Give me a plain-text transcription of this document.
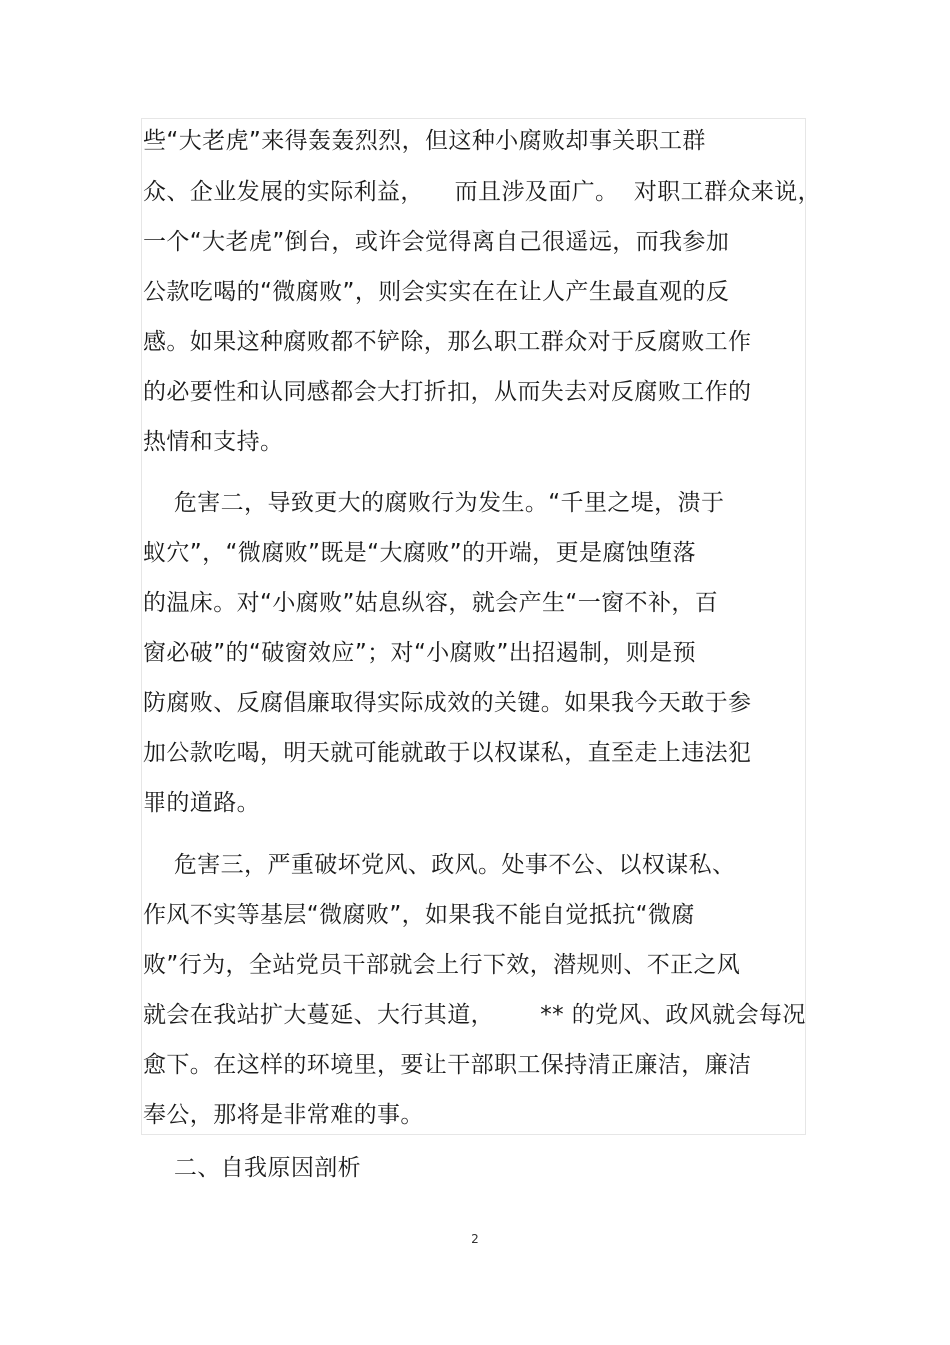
些“大老虎”来得轰轰烈烈，但这种小腐败却事关职工群
众、企业发展的实际利益，    而且涉及面广。  对职工群众来说，
一个“大老虎”倒台，或许会觉得离自己很遥远，而我参加
公款吃喝的“微腐败”，则会实实在在让人产生最直观的反
感。如果这种腐败都不铲除，那么职工群众对于反腐败工作
的必要性和认同感都会大打折扣，从而失去对反腐败工作的
热情和支持。
危害二，导致更大的腐败行为发生。“千里之堤，溃于
蚁穴”，“微腐败”既是“大腐败”的开端，更是腐蚀堕落
的温床。对“小腐败”姑息纵容，就会产生“一窗不补，百
窗必破”的“破窗效应”；对“小腐败”出招遏制，则是预
防腐败、反腐倡廉取得实际成效的关键。如果我今天敢于参
加公款吃喝，明天就可能就敢于以权谋私，直至走上违法犯
罪的道路。
危害三，严重破坏党风、政风。处事不公、以权谋私、
作风不实等基层“微腐败”，如果我不能自觉抵抗“微腐
败”行为，全站党员干部就会上行下效，潜规则、不正之风
就会在我站扩大蔓延、大行其道，      ** 的党风、政风就会每况
愈下。在这样的环境里，要让干部职工保持清正廉洁，廉洁
奉公，那将是非常难的事。
二、自我原因剖析
2
